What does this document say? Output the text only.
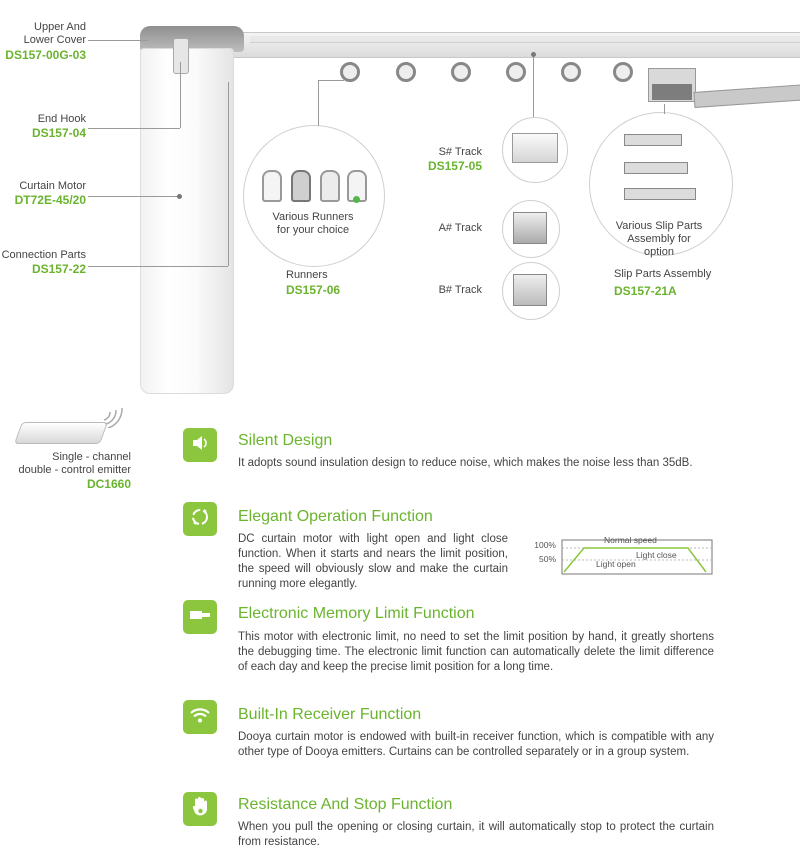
Upper And
Lower Cover
DS157-00G-03
End Hook
DS157-04
Curtain Motor
DT72E-45/20
Connection Parts
DS157-22
Various Runners
for your choice
Runners
DS157-06
S# Track
DS157-05
A# Track
B# Track
Various Slip Parts
Assembly for
option
Slip Parts Assembly
DS157-21A
Single - channel
double - control emitter
DC1660
Silent Design
It adopts sound insulation design to reduce noise, which makes the noise less than 35dB.
Elegant Operation Function
DC curtain motor with light open and light close function. When it starts and nears the limit position, the speed will obviously slow and make the curtain running more elegantly.
100%
50%
Normal speed
Light open
Light close
Electronic Memory Limit Function
This motor with electronic limit, no need to set the limit position by hand, it greatly shortens the debugging time. The electronic limit function can automatically delete the limit difference of each day and keep the precise limit position for a long time.
Built-In Receiver Function
Dooya curtain motor is endowed with built-in receiver function, which is compatible with any other type of Dooya emitters. Curtains can be controlled separately or in a group system.
Resistance And Stop Function
When you pull the opening or closing curtain, it will automatically stop to protect the curtain from resistance.
